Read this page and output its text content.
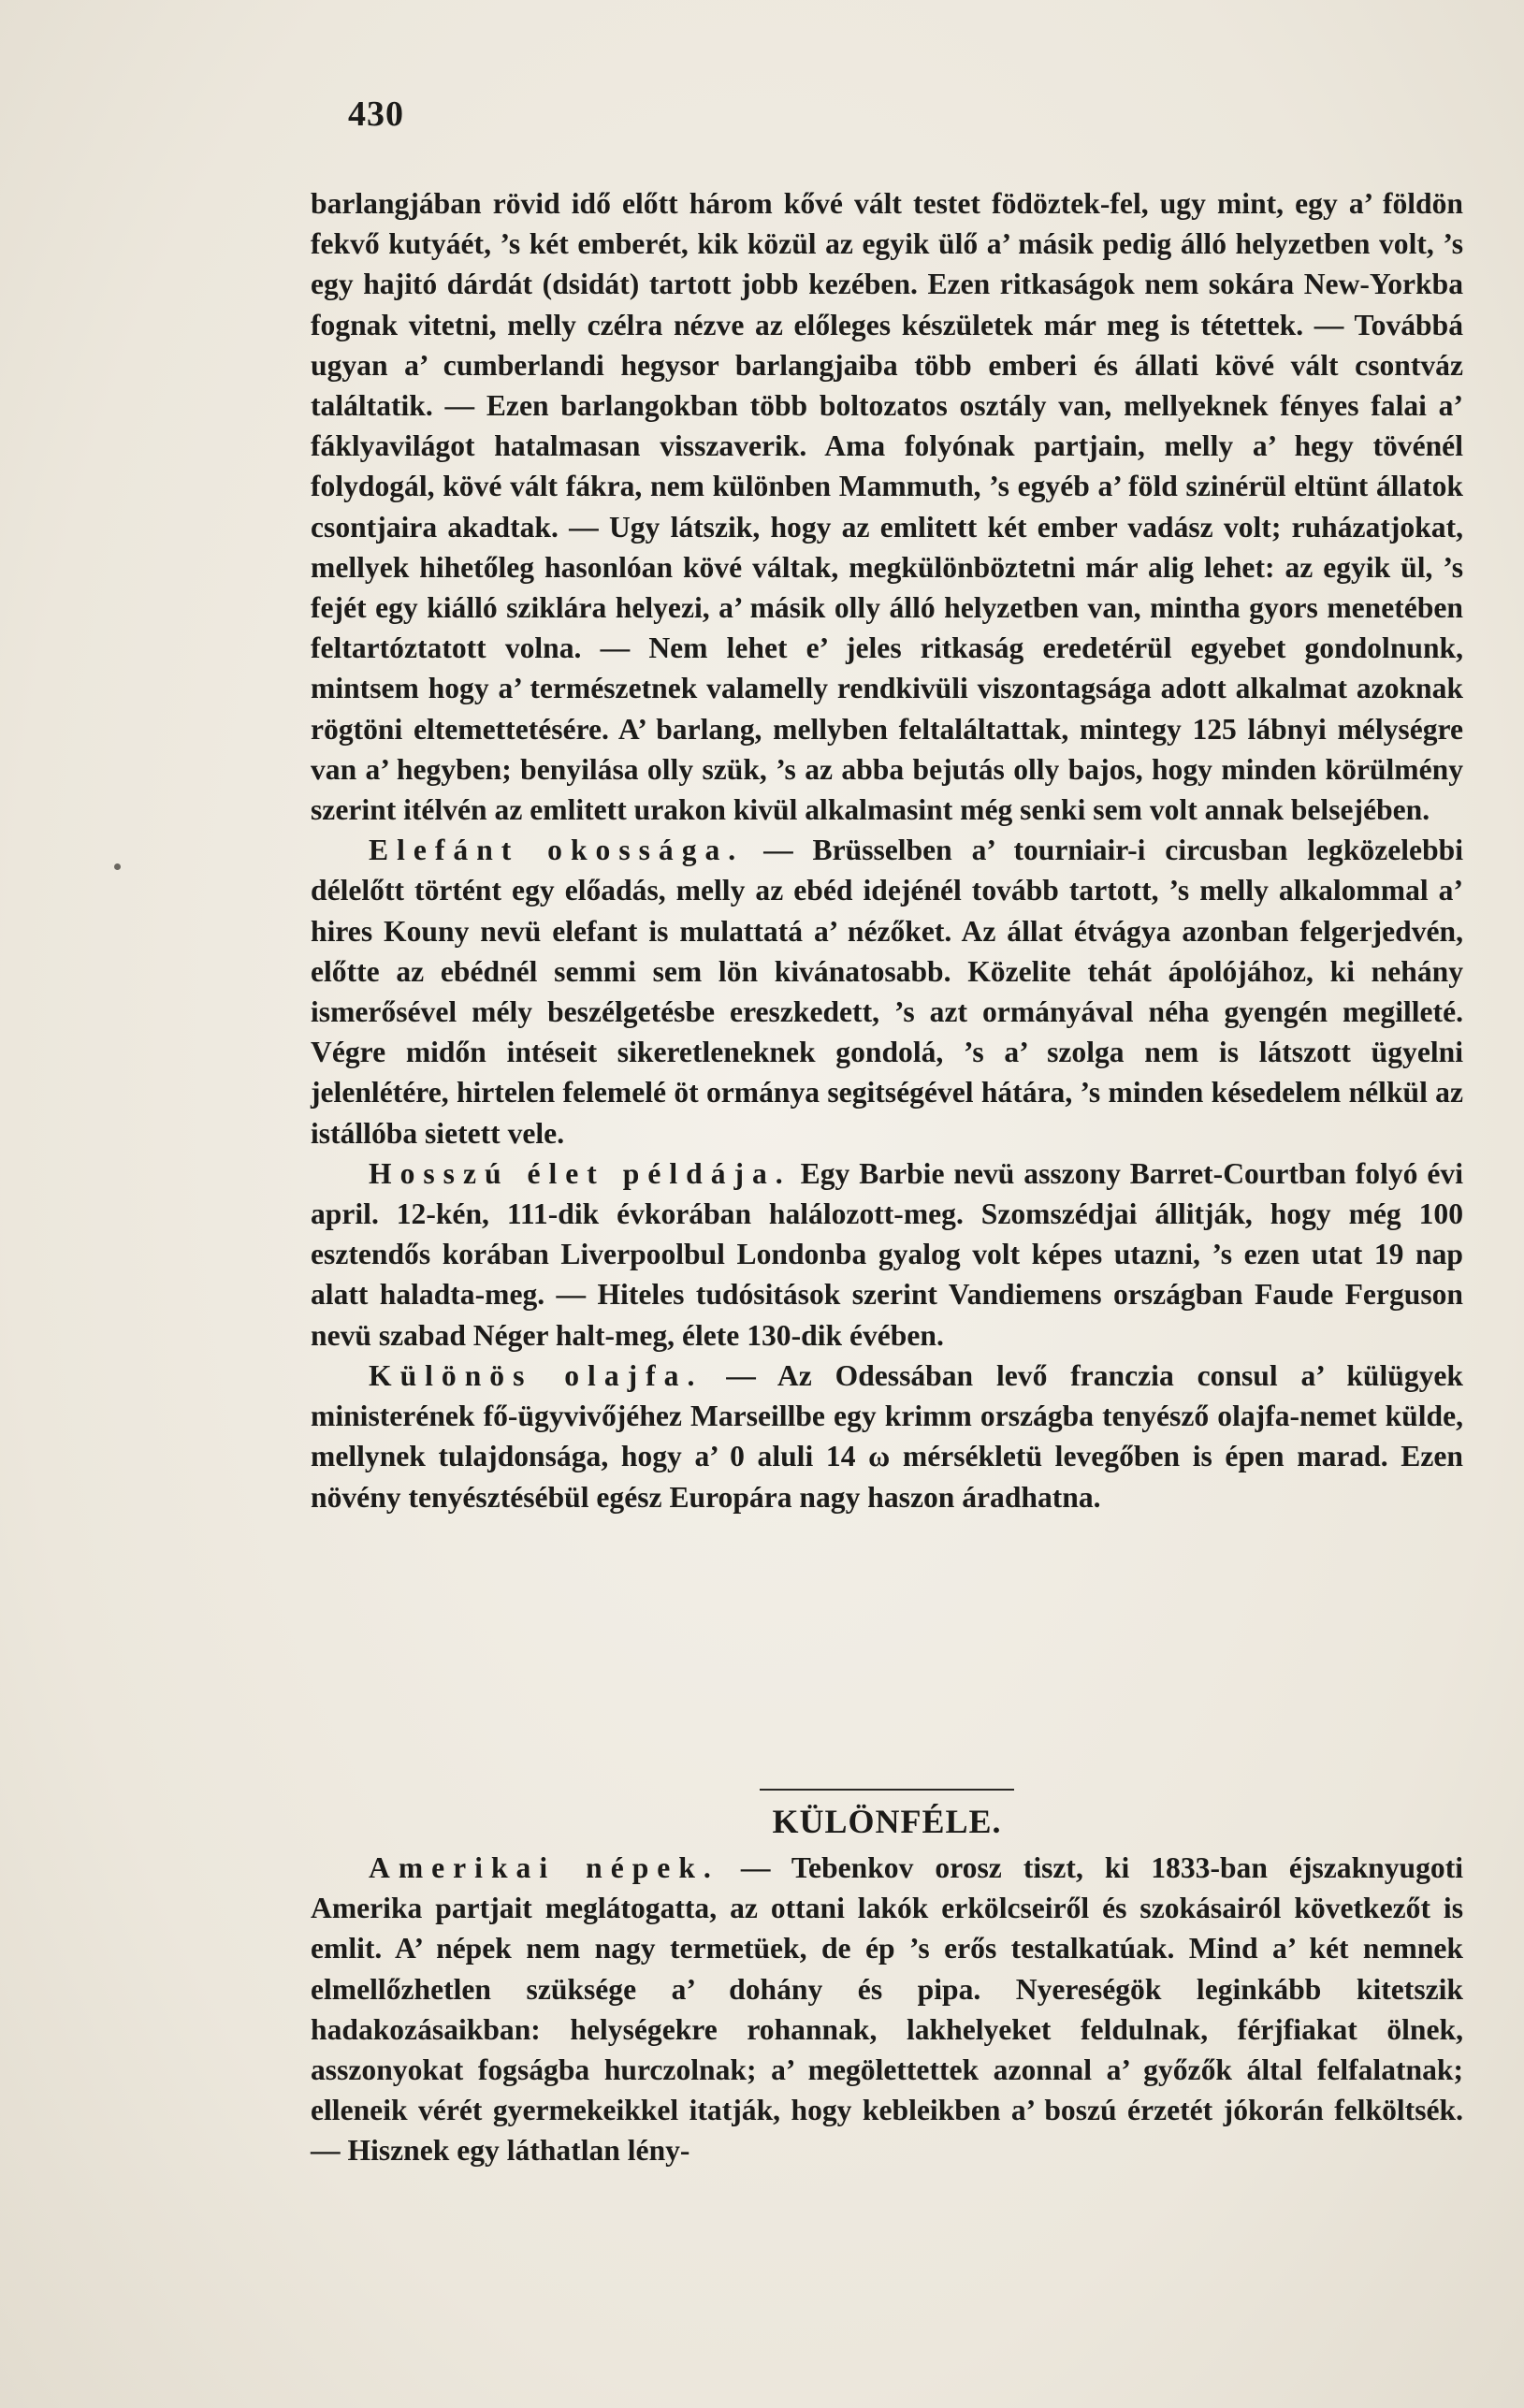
430

barlangjában rövid idő előtt három kővé vált testet födöztek-fel, ugy mint, egy a’ földön fekvő kutyáét, ’s két emberét, kik közül az egyik ülő a’ másik pedig álló helyzetben volt, ’s egy hajitó dárdát (dsidát) tartott jobb kezében. Ezen ritkaságok nem sokára New-Yorkba fognak vitetni, melly czélra nézve az előleges készületek már meg is tétettek. — Továbbá ugyan a’ cumberlandi hegysor barlangjaiba több emberi és állati kövé vált csontváz találtatik. — Ezen barlangokban több boltozatos osztály van, mellyeknek fényes falai a’ fáklyavilágot hatalmasan visszaverik. Ama folyónak partjain, melly a’ hegy tövénél folydogál, kövé vált fákra, nem különben Mammuth, ’s egyéb a’ föld szinérül eltünt állatok csontjaira akadtak. — Ugy látszik, hogy az emlitett két ember vadász volt; ruházatjokat, mellyek hihetőleg hasonlóan kövé váltak, megkülönböztetni már alig lehet: az egyik ül, ’s fejét egy kiálló sziklára helyezi, a’ másik olly álló helyzetben van, mintha gyors menetében feltartóztatott volna. — Nem lehet e’ jeles ritkaság eredetérül egyebet gondolnunk, mintsem hogy a’ természetnek valamelly rendkivüli viszontagsága adott alkalmat azoknak rögtöni eltemettetésére. A’ barlang, mellyben feltaláltattak, mintegy 125 lábnyi mélységre van a’ hegyben; benyilása olly szük, ’s az abba bejutás olly bajos, hogy minden körülmény szerint itélvén az emlitett urakon kivül alkalmasint még senki sem volt annak belsejében.

Elefánt okossága. — Brüsselben a’ tourniair-i circusban legközelebbi délelőtt történt egy előadás, melly az ebéd idejénél tovább tartott, ’s melly alkalommal a’ hires Kouny nevü elefant is mulattatá a’ nézőket. Az állat étvágya azonban felgerjedvén, előtte az ebédnél semmi sem lön kivánatosabb. Közelite tehát ápolójához, ki nehány ismerősével mély beszélgetésbe ereszkedett, ’s azt ormányával néha gyengén megilleté. Végre midőn intéseit sikeretleneknek gondolá, ’s a’ szolga nem is látszott ügyelni jelenlétére, hirtelen felemelé öt ormánya segitségével hátára, ’s minden késedelem nélkül az istállóba sietett vele.

Hosszú élet példája. Egy Barbie nevü asszony Barret-Courtban folyó évi april. 12-kén, 111-dik évkorában halálozott-meg. Szomszédjai állitják, hogy még 100 esztendős korában Liverpoolbul Londonba gyalog volt képes utazni, ’s ezen utat 19 nap alatt haladta-meg. — Hiteles tudósitások szerint Vandiemens országban Faude Ferguson nevü szabad Néger halt-meg, élete 130-dik évében.

Különös olajfa. — Az Odessában levő franczia consul a’ külügyek ministerének fő-ügyvivőjéhez Marseillbe egy krimm országba tenyésző olajfa-nemet külde, mellynek tulajdonsága, hogy a’ 0 aluli 14 ω mérsékletü levegőben is épen marad. Ezen növény tenyésztésébül egész Europára nagy haszon áradhatna.

KÜLÖNFÉLE.

Amerikai népek. — Tebenkov orosz tiszt, ki 1833-ban éjszaknyugoti Amerika partjait meglátogatta, az ottani lakók erkölcseiről és szokásairól következőt is emlit. A’ népek nem nagy termetüek, de ép ’s erős testalkatúak. Mind a’ két nemnek elmellőzhetlen szüksége a’ dohány és pipa. Nyereségök leginkább kitetszik hadakozásaikban: helységekre rohannak, lakhelyeket feldulnak, férjfiakat ölnek, asszonyokat fogságba hurczolnak; a’ megölettettek azonnal a’ győzők által felfalatnak; elleneik vérét gyermekeikkel itatják, hogy kebleikben a’ boszú érzetét jókorán felköltsék. — Hisznek egy láthatlan lény-
